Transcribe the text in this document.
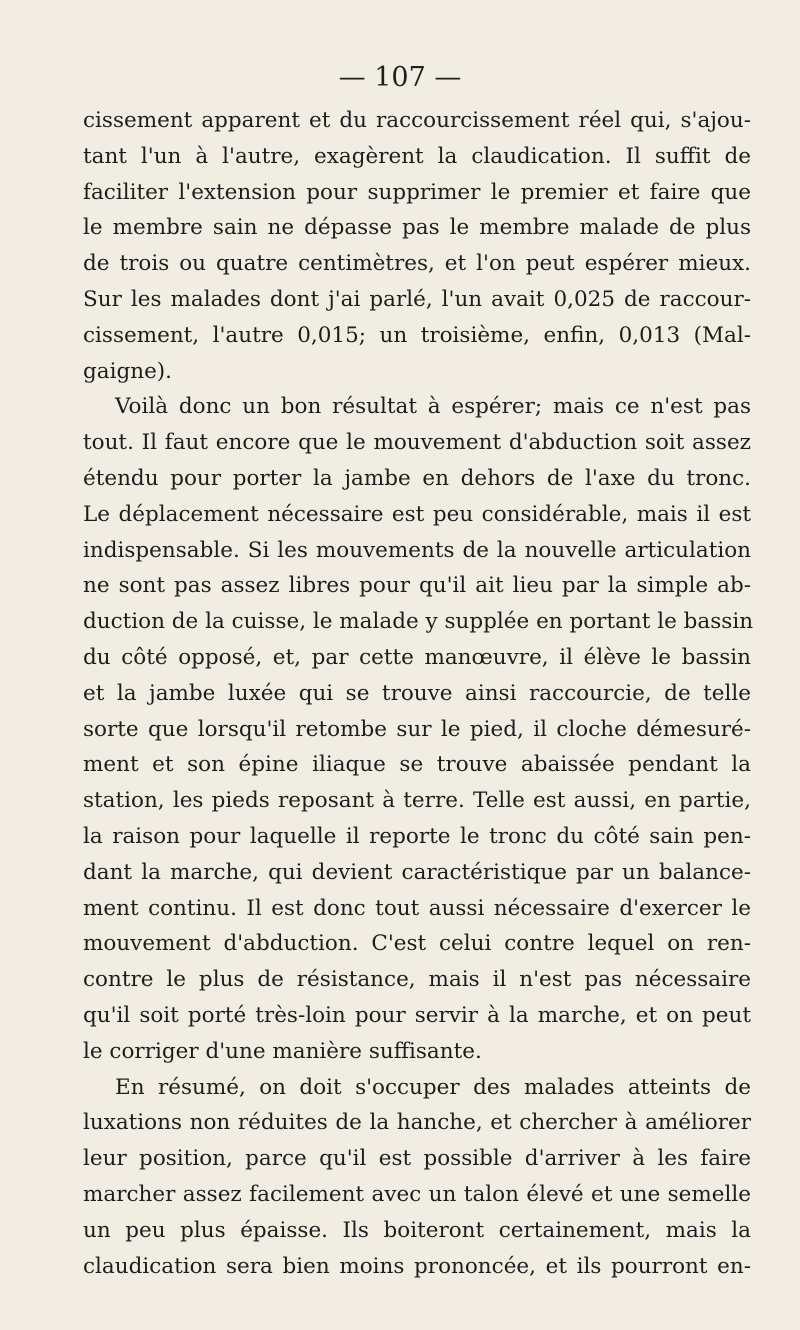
— 107 —
cissement apparent et du raccourcissement réel qui, s'ajou-
tant l'un à l'autre, exagèrent la claudication. Il suffit de
faciliter l'extension pour supprimer le premier et faire que
le membre sain ne dépasse pas le membre malade de plus
de trois ou quatre centimètres, et l'on peut espérer mieux.
Sur les malades dont j'ai parlé, l'un avait 0,025 de raccour-
cissement, l'autre 0,015; un troisième, enfin, 0,013 (Mal-
gaigne).
Voilà donc un bon résultat à espérer; mais ce n'est pas
tout. Il faut encore que le mouvement d'abduction soit assez
étendu pour porter la jambe en dehors de l'axe du tronc.
Le déplacement nécessaire est peu considérable, mais il est
indispensable. Si les mouvements de la nouvelle articulation
ne sont pas assez libres pour qu'il ait lieu par la simple ab-
duction de la cuisse, le malade y supplée en portant le bassin
du côté opposé, et, par cette manœuvre, il élève le bassin
et la jambe luxée qui se trouve ainsi raccourcie, de telle
sorte que lorsqu'il retombe sur le pied, il cloche démesuré-
ment et son épine iliaque se trouve abaissée pendant la
station, les pieds reposant à terre. Telle est aussi, en partie,
la raison pour laquelle il reporte le tronc du côté sain pen-
dant la marche, qui devient caractéristique par un balance-
ment continu. Il est donc tout aussi nécessaire d'exercer le
mouvement d'abduction. C'est celui contre lequel on ren-
contre le plus de résistance, mais il n'est pas nécessaire
qu'il soit porté très-loin pour servir à la marche, et on peut
le corriger d'une manière suffisante.
En résumé, on doit s'occuper des malades atteints de
luxations non réduites de la hanche, et chercher à améliorer
leur position, parce qu'il est possible d'arriver à les faire
marcher assez facilement avec un talon élevé et une semelle
un peu plus épaisse. Ils boiteront certainement, mais la
claudication sera bien moins prononcée, et ils pourront en-
